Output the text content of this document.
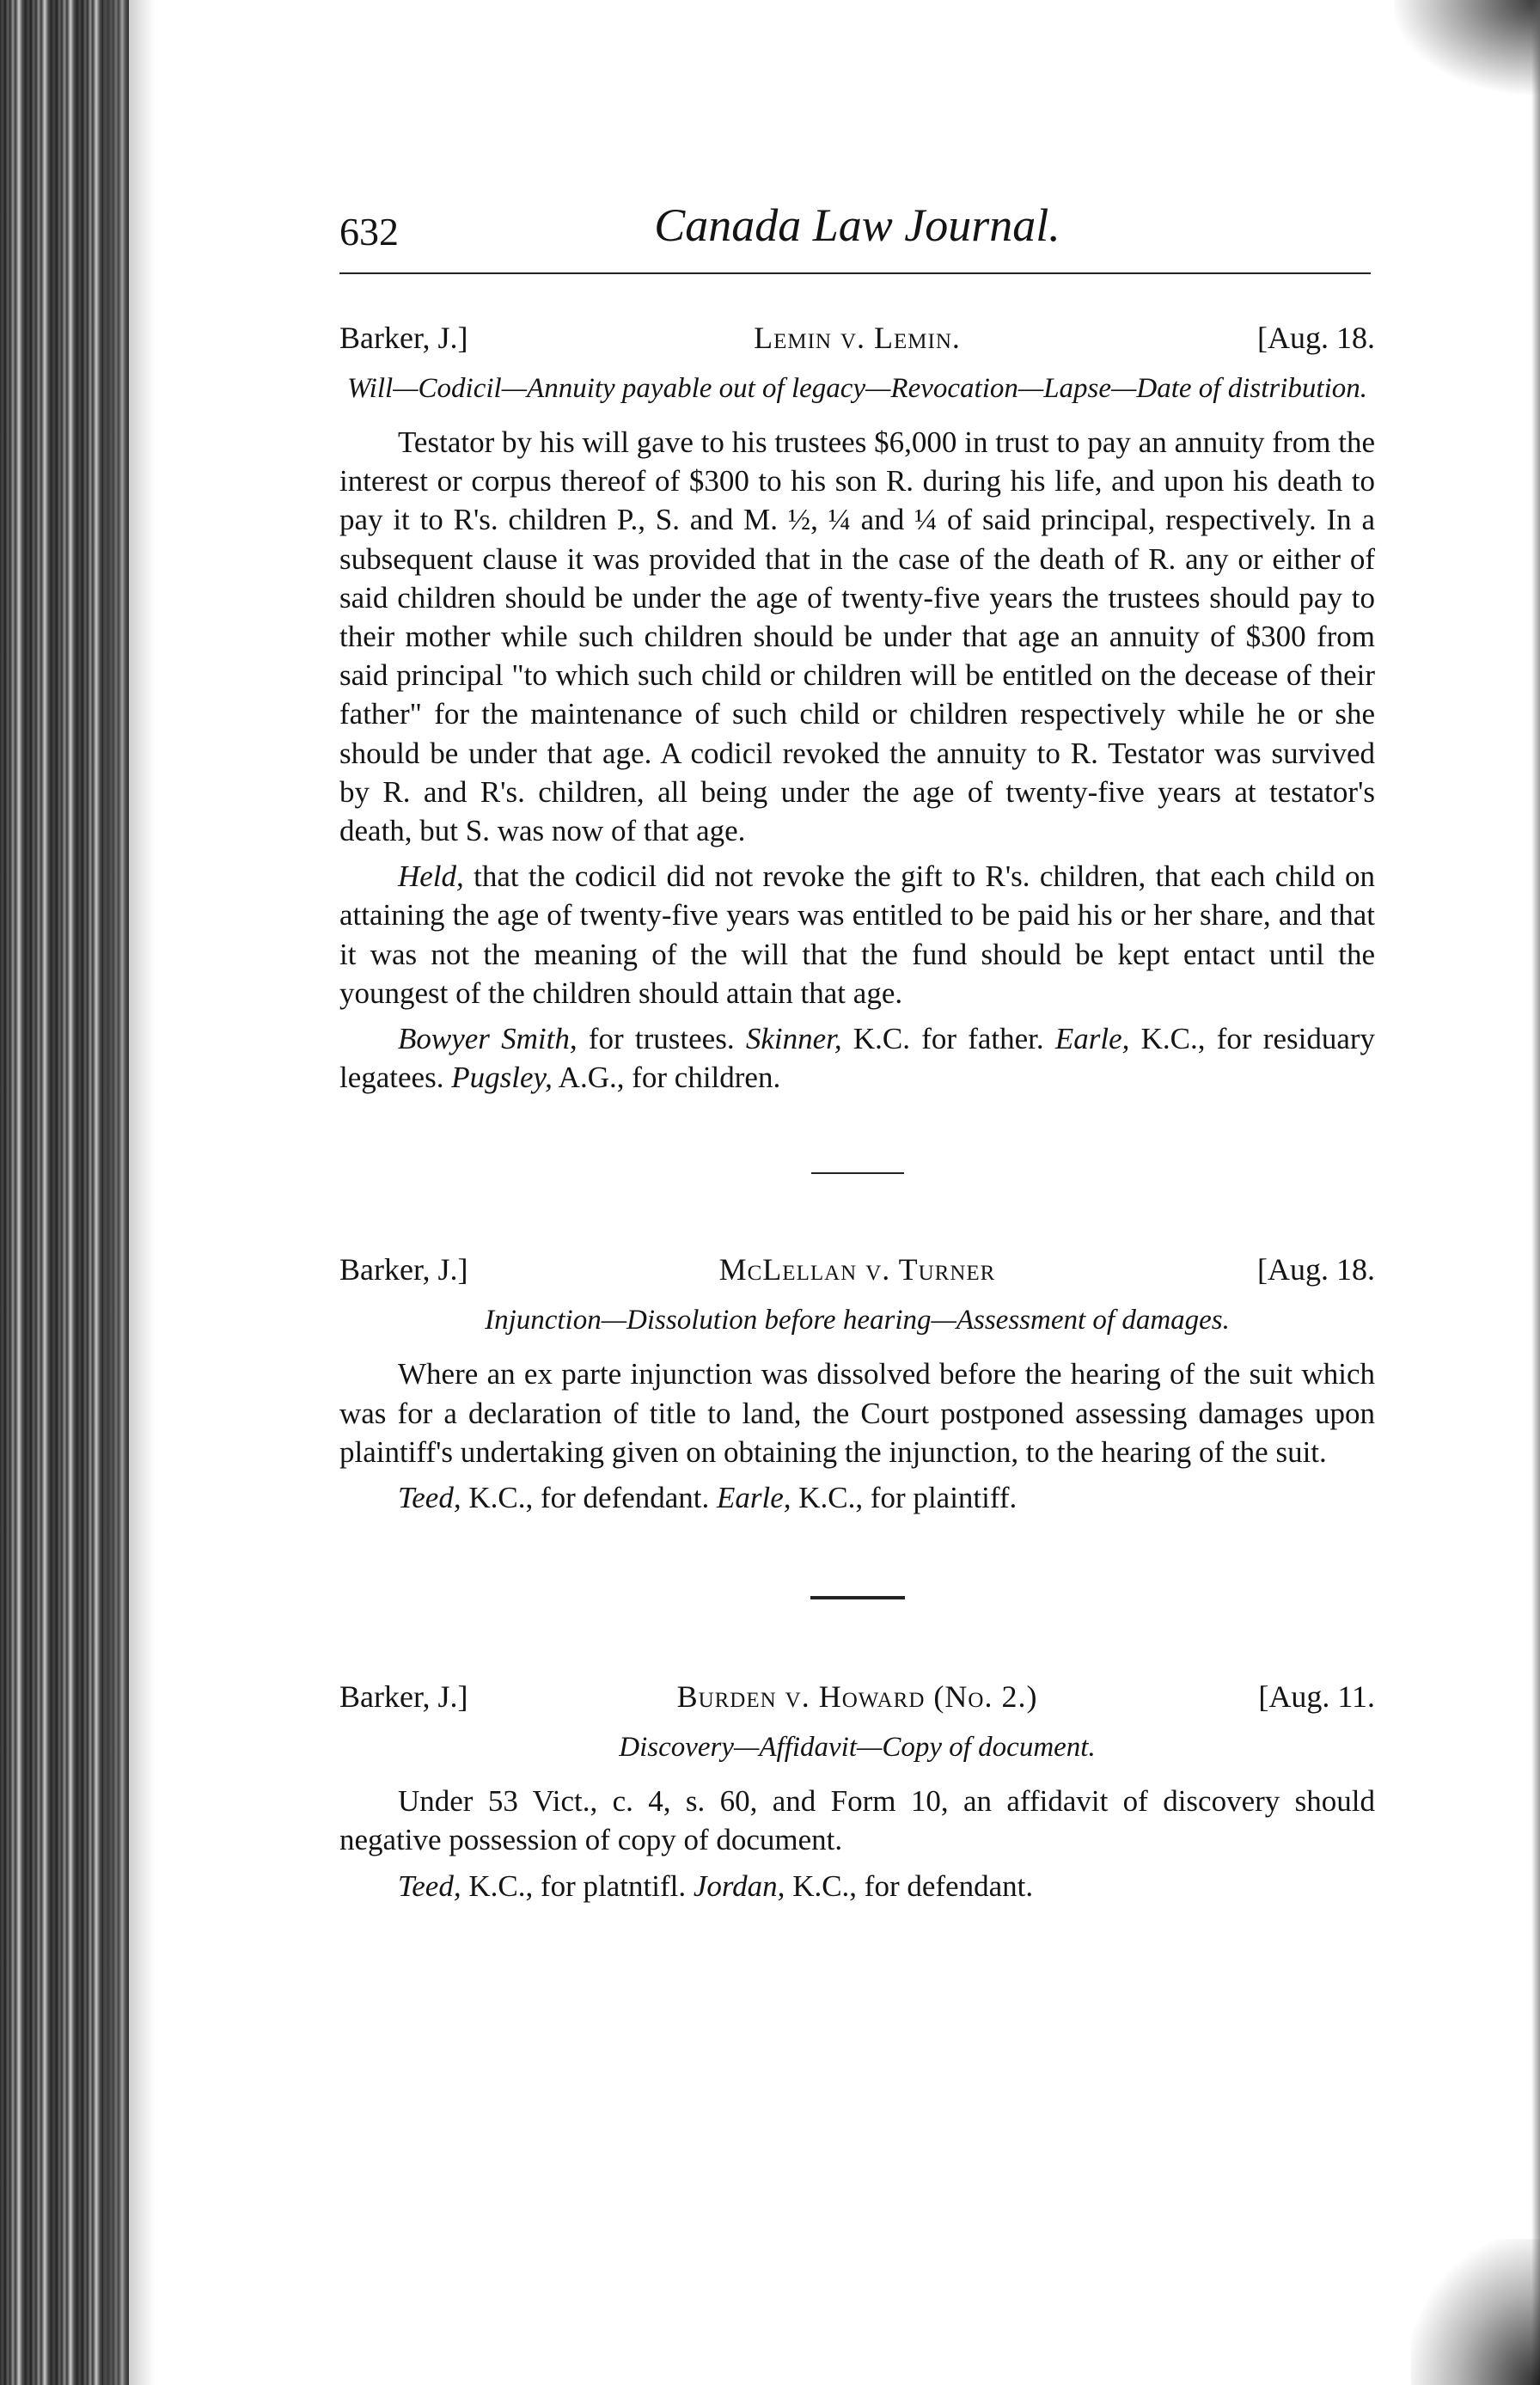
632	Canada Law Journal.
Barker, J.]	Lemin v. Lemin.	[Aug. 18.
Will—Codicil—Annuity payable out of legacy—Revocation—Lapse—Date of distribution.

Testator by his will gave to his trustees $6,000 in trust to pay an annuity from the interest or corpus thereof of $300 to his son R. during his life, and upon his death to pay it to R's. children P., S. and M. ½, ¼ and ¼ of said principal, respectively. In a subsequent clause it was provided that in the case of the death of R. any or either of said children should be under the age of twenty-five years the trustees should pay to their mother while such children should be under that age an annuity of $300 from said principal "to which such child or children will be entitled on the decease of their father" for the maintenance of such child or children respectively while he or she should be under that age. A codicil revoked the annuity to R. Testator was survived by R. and R's. children, all being under the age of twenty-five years at testator's death, but S. was now of that age.

Held, that the codicil did not revoke the gift to R's. children, that each child on attaining the age of twenty-five years was entitled to be paid his or her share, and that it was not the meaning of the will that the fund should be kept entact until the youngest of the children should attain that age.

Bowyer Smith, for trustees. Skinner, K.C. for father. Earle, K.C., for residuary legatees. Pugsley, A.G., for children.

Barker, J.]	McLellan v. Turner	[Aug. 18.
Injunction—Dissolution before hearing—Assessment of damages.

Where an ex parte injunction was dissolved before the hearing of the suit which was for a declaration of title to land, the Court postponed assessing damages upon plaintiff's undertaking given on obtaining the injunction, to the hearing of the suit.

Teed, K.C., for defendant. Earle, K.C., for plaintiff.

Barker, J.]	Burden v. Howard (No. 2.)	[Aug. 11.
Discovery—Affidavit—Copy of document.

Under 53 Vict., c. 4, s. 60, and Form 10, an affidavit of discovery should negative possession of copy of document.

Teed, K.C., for platntifl. Jordan, K.C., for defendant.
